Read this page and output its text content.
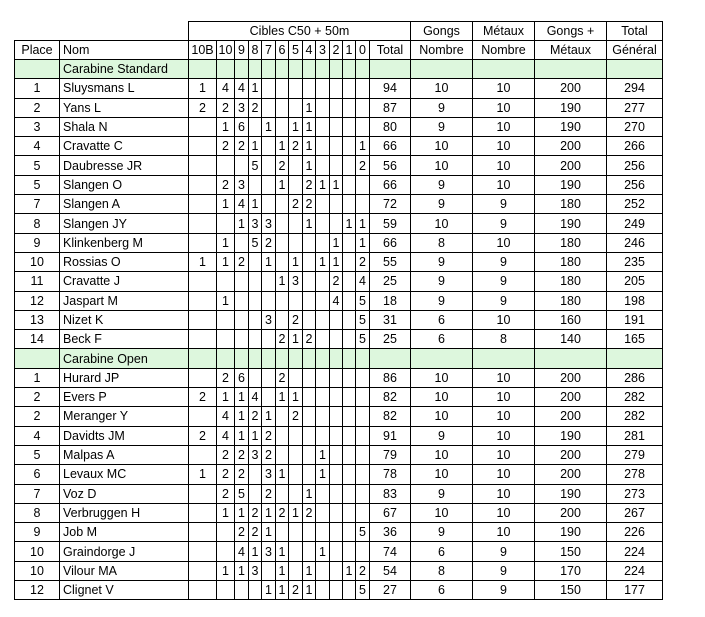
		Cibles C50 + 50m													Gongs	Métaux	Gongs +	Total
Place	Nom	10B	10	9	8	7	6	5	4	3	2	1	0	Total	Nombre	Nombre	Métaux	Général
	Carabine Standard																	
1	Sluysmans L	1	4	4	1									94	10	10	200	294
2	Yans L	2	2	3	2				1					87	9	10	190	277
3	Shala N		1	6		1		1	1					80	9	10	190	270
4	Cravatte C		2	2	1		1	2	1				1	66	10	10	200	266
5	Daubresse JR				5		2		1				2	56	10	10	200	256
5	Slangen O		2	3			1		2	1	1			66	9	10	190	256
7	Slangen A		1	4	1			2	2					72	9	9	180	252
8	Slangen JY			1	3	3			1			1	1	59	10	9	190	249
9	Klinkenberg M		1		5	2					1		1	66	8	10	180	246
10	Rossias O	1	1	2		1		1		1	1		2	55	9	9	180	235
11	Cravatte J						1	3			2		4	25	9	9	180	205
12	Jaspart M		1								4		5	18	9	9	180	198
13	Nizet K					3		2					5	31	6	10	160	191
14	Beck F						2	1	2				5	25	6	8	140	165
	Carabine Open																	
1	Hurard JP		2	6			2							86	10	10	200	286
2	Evers P	2	1	1	4		1	1						82	10	10	200	282
2	Meranger Y		4	1	2	1		2						82	10	10	200	282
4	Davidts JM	2	4	1	1	2								91	9	10	190	281
5	Malpas A		2	2	3	2				1				79	10	10	200	279
6	Levaux MC	1	2	2		3	1			1				78	10	10	200	278
7	Voz D		2	5		2			1					83	9	10	190	273
8	Verbruggen H		1	1	2	1	2	1	2					67	10	10	200	267
9	Job M			2	2	1							5	36	9	10	190	226
10	Graindorge J			4	1	3	1			1				74	6	9	150	224
10	Vilour MA		1	1	3		1		1			1	2	54	8	9	170	224
12	Clignet V					1	1	2	1				5	27	6	9	150	177
